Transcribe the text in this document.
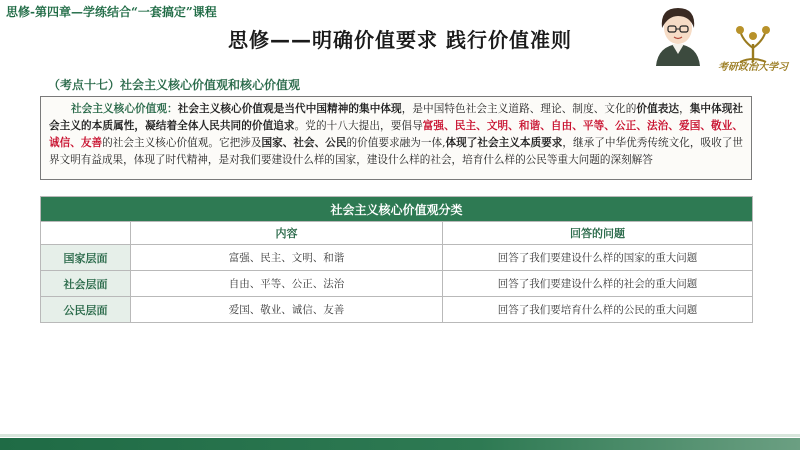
思修-第四章—学练结合“一套搞定”课程
思修——明确价值要求 践行价值准则
考研政治大学习
（考点十七）社会主义核心价值观和核心价值观
社会主义核心价值观：社会主义核心价值观是当代中国精神的集中体现，是中国特色社会主义道路、理论、制度、文化的价值表达，集中体现社会主义的本质属性，凝结着全体人民共同的价值追求。党的十八大提出，要倡导富强、民主、文明、和谐、自由、平等、公正、法治、爱国、敬业、诚信、友善的社会主义核心价值观。它把涉及国家、社会、公民的价值要求融为一体,体现了社会主义本质要求，继承了中华优秀传统文化，吸收了世界文明有益成果，体现了时代精神，是对我们要建设什么样的国家，建设什么样的社会，培育什么样的公民等重大问题的深刻解答
社会主义核心价值观分类		
	内容	回答的问题
国家层面	富强、民主、文明、和谐	回答了我们要建设什么样的国家的重大问题
社会层面	自由、平等、公正、法治	回答了我们要建设什么样的社会的重大问题
公民层面	爱国、敬业、诚信、友善	回答了我们要培育什么样的公民的重大问题
